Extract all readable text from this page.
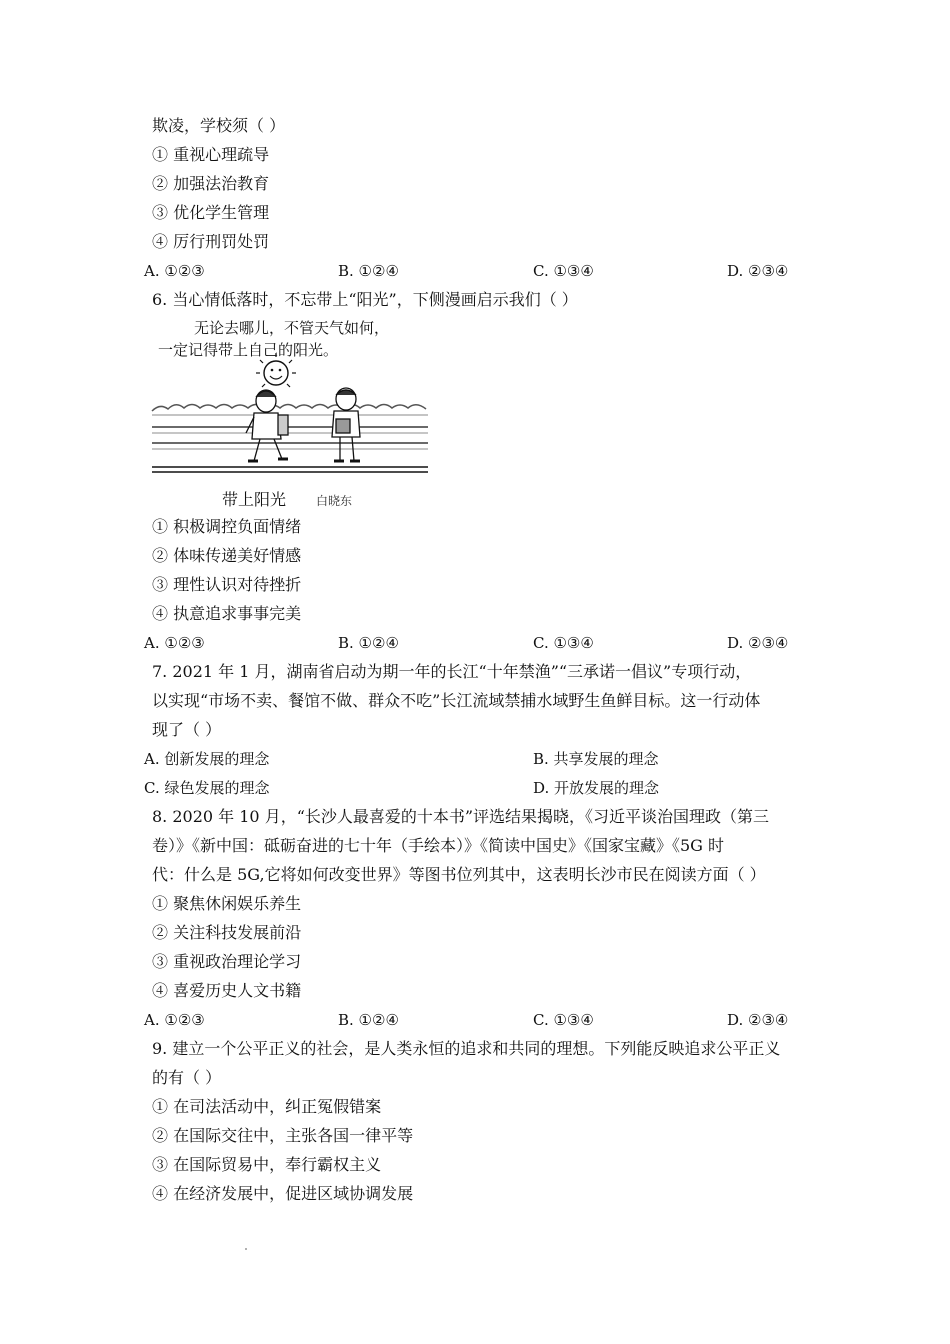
欺凌，学校须（ ）
① 重视心理疏导
② 加强法治教育
③ 优化学生管理
④ 厉行刑罚处罚
A. ①②③	B. ①②④	C. ①③④	D. ②③④
6. 当心情低落时，不忘带上“阳光”，下侧漫画启示我们（ ）
无论去哪儿，不管天气如何，
一定记得带上自己的阳光。
带上阳光 白晓东
① 积极调控负面情绪
② 体味传递美好情感
③ 理性认识对待挫折
④ 执意追求事事完美
A. ①②③	B. ①②④	C. ①③④	D. ②③④
7. 2021 年 1 月，湖南省启动为期一年的长江“十年禁渔”“三承诺一倡议”专项行动，
以实现“市场不卖、餐馆不做、群众不吃”长江流域禁捕水域野生鱼鲜目标。这一行动体
现了（ ）
A. 创新发展的理念	B. 共享发展的理念
C. 绿色发展的理念	D. 开放发展的理念
8. 2020 年 10 月，“长沙人最喜爱的十本书”评选结果揭晓，《习近平谈治国理政（第三
卷）》《新中国：砥砺奋进的七十年（手绘本）》《简读中国史》《国家宝藏》《5G 时
代：什么是 5G,它将如何改变世界》等图书位列其中，这表明长沙市民在阅读方面（ ）
① 聚焦休闲娱乐养生
② 关注科技发展前沿
③ 重视政治理论学习
④ 喜爱历史人文书籍
A. ①②③	B. ①②④	C. ①③④	D. ②③④
9. 建立一个公平正义的社会，是人类永恒的追求和共同的理想。下列能反映追求公平正义
的有（ ）
① 在司法活动中，纠正冤假错案
② 在国际交往中，主张各国一律平等
③ 在国际贸易中，奉行霸权主义
④ 在经济发展中，促进区域协调发展
